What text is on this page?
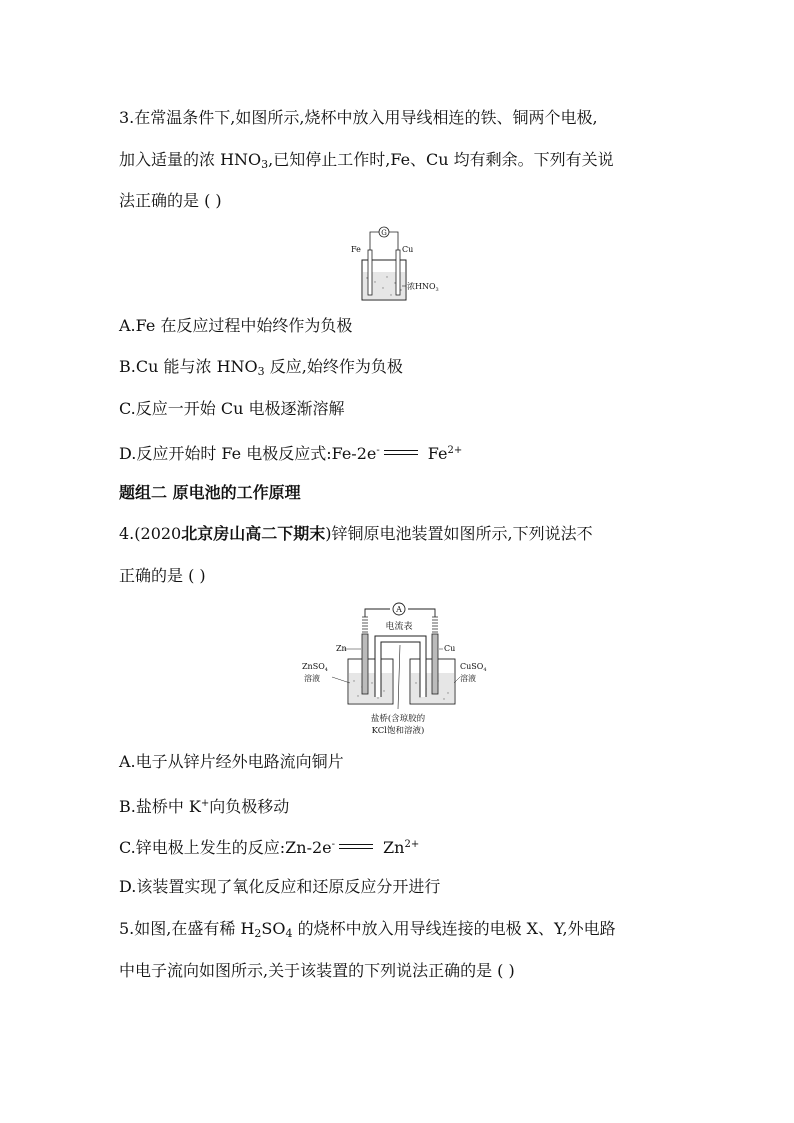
3.在常温条件下,如图所示,烧杯中放入用导线相连的铁、铜两个电极,
加入适量的浓 $HNO_3$,已知停止工作时,Fe、Cu 均有剩余。下列有关说
法正确的是 ( )
G
Fe	Cu
浓$HNO_3$
A.Fe 在反应过程中始终作为负极
B.Cu 能与浓 $HNO_3$ 反应,始终作为负极
C.反应一开始 Cu 电极逐渐溶解
D.反应开始时 Fe 电极反应式:Fe-2e-	$Fe^{2+}$
题组二 原电池的工作原理
4.(2020北京房山高二下期末)锌铜原电池装置如图所示,下列说法不
正确的是 ( )
A
电流表
Zn	Cu
ZnSO$_4$
溶液
CuSO$_4$
溶液
盐桥(含琼胶的
KCl饱和溶液)
A.电子从锌片经外电路流向铜片
B.盐桥中 K+向负极移动
C.锌电极上发生的反应:Zn-2e-	$Zn^{2+}$
D.该装置实现了氧化反应和还原反应分开进行
5.如图,在盛有稀 $H_2SO_4$ 的烧杯中放入用导线连接的电极 X、Y,外电路
中电子流向如图所示,关于该装置的下列说法正确的是 ( )
